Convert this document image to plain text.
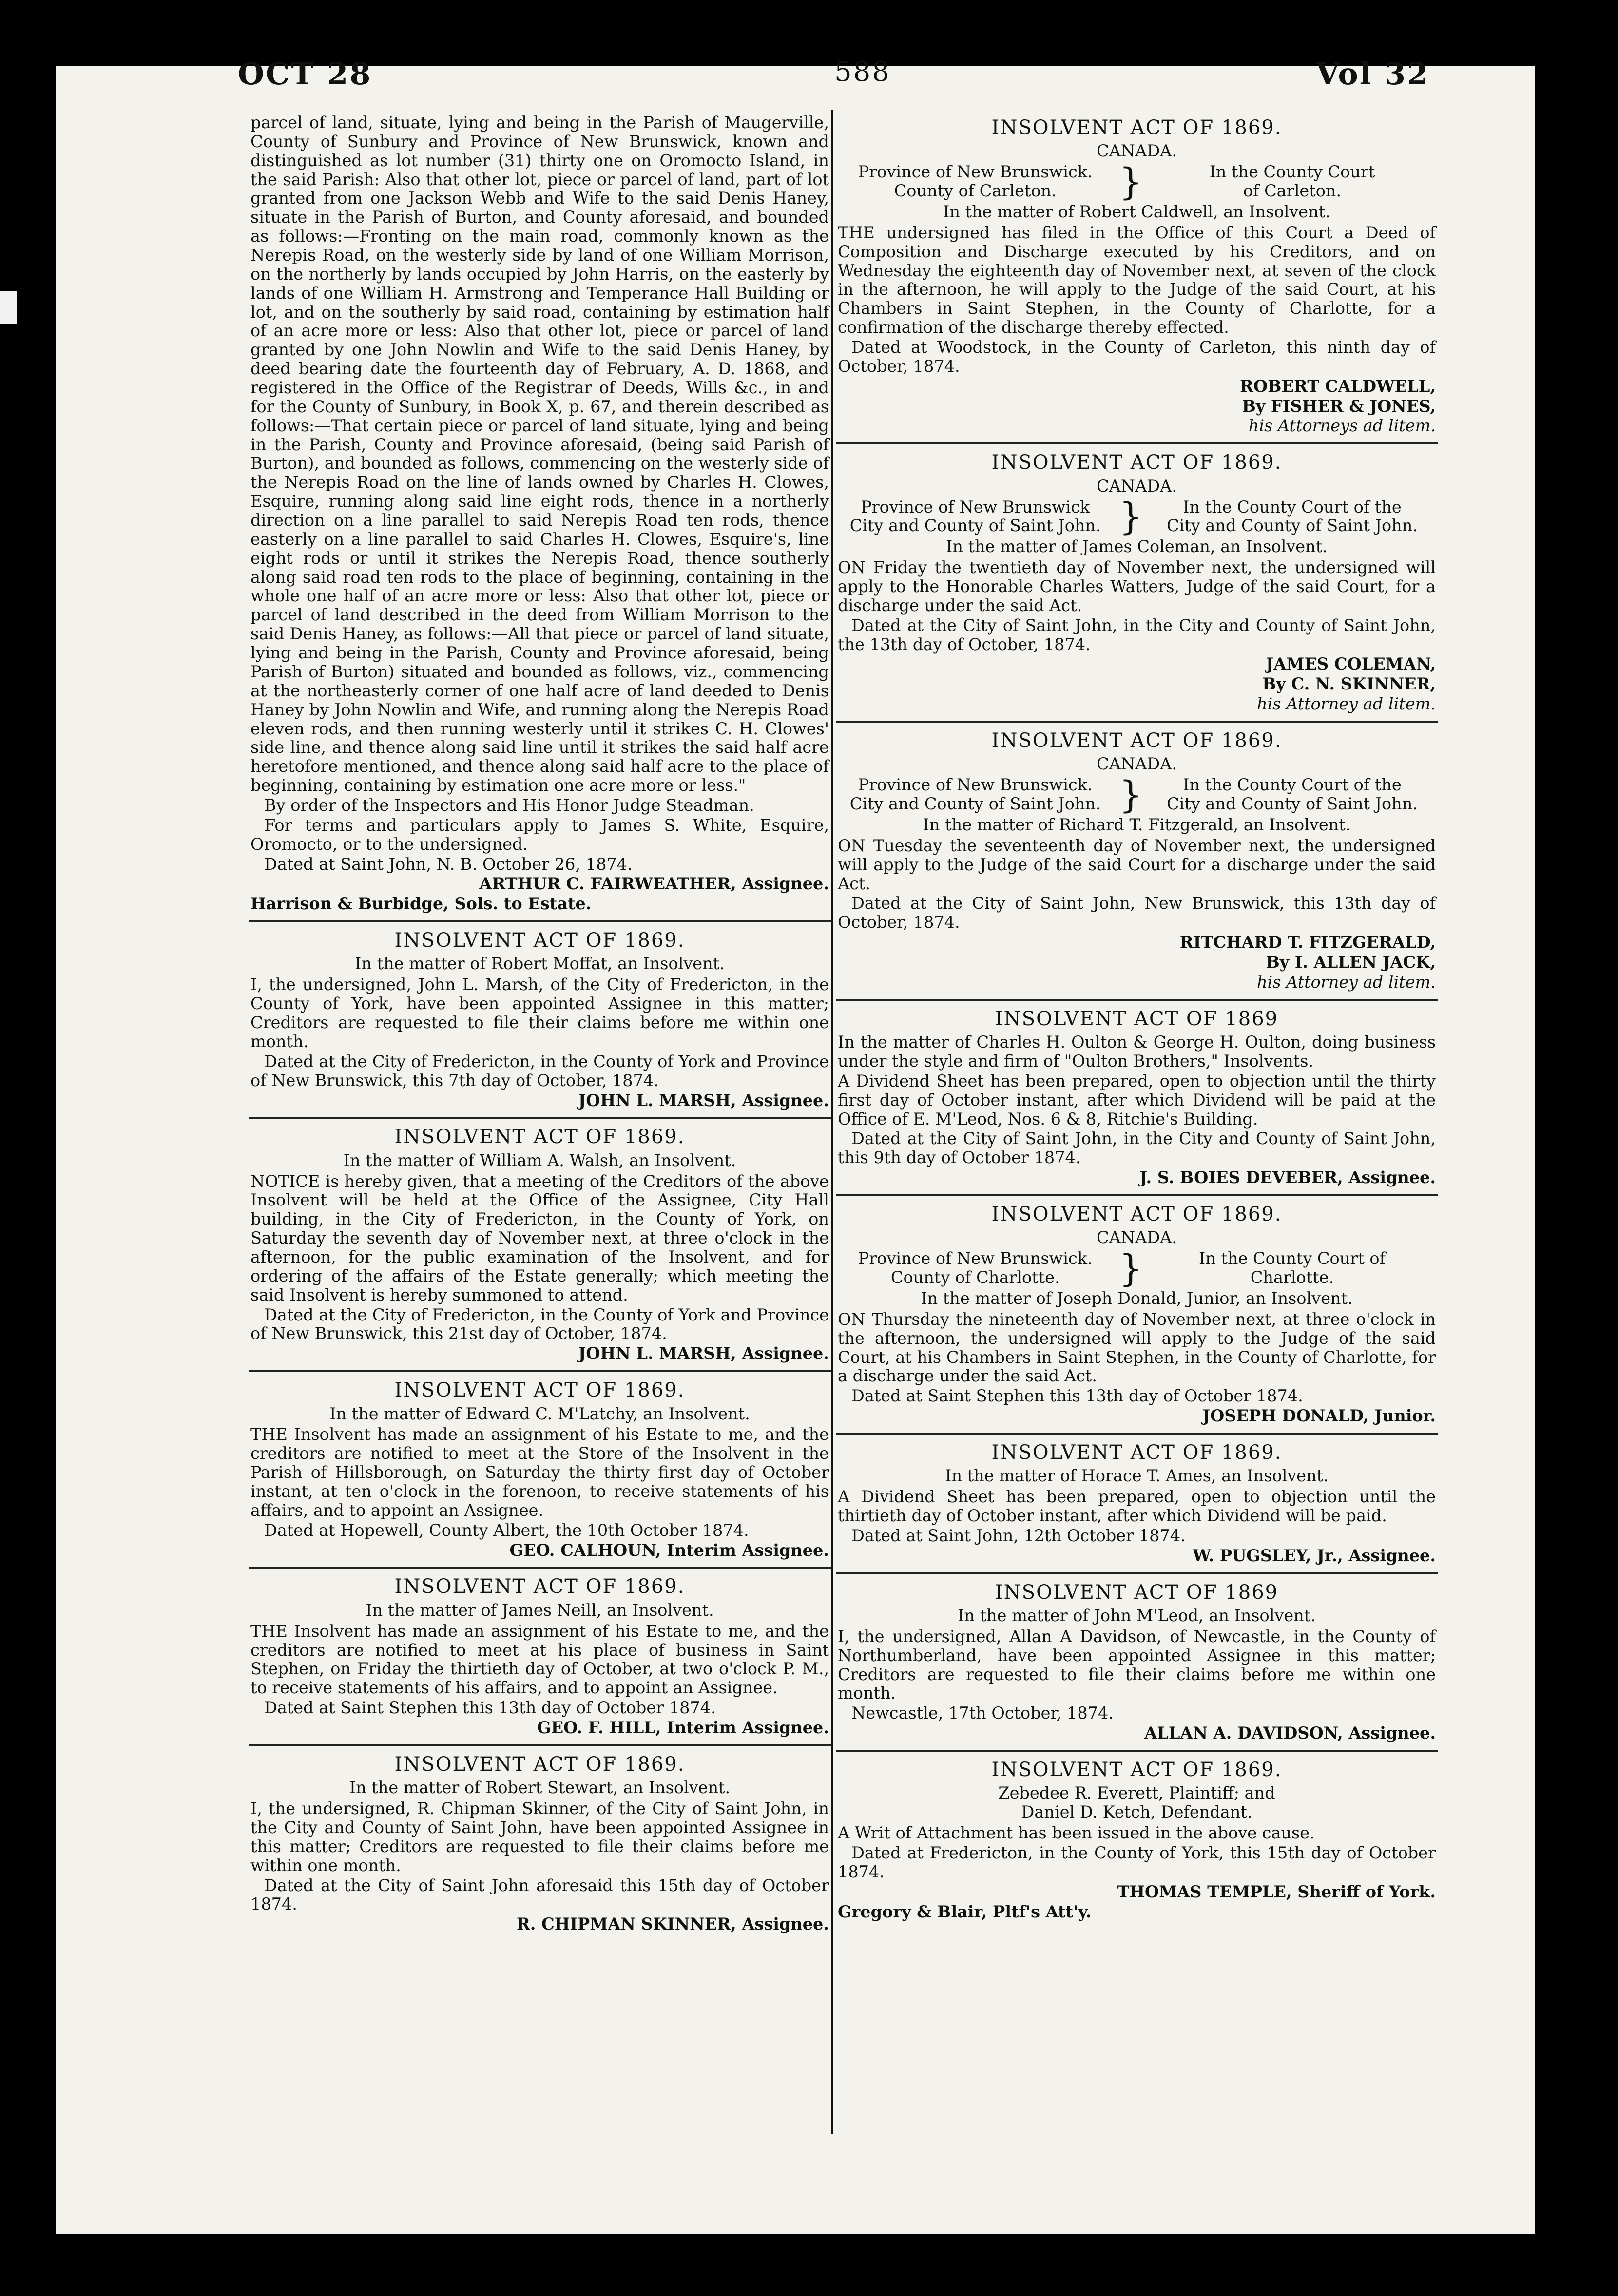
OCT 28	588	Vol 32

parcel of land, situate, lying and being in the Parish of Maugerville, County of Sunbury and Province of New Brunswick, known and distinguished as lot number (31) thirty one on Oromocto Island, in the said Parish: Also that other lot, piece or parcel of land, part of lot granted from one Jackson Webb and Wife to the said Denis Haney, situate in the Parish of Burton, and County aforesaid, and bounded as follows:—Fronting on the main road, commonly known as the Nerepis Road, on the westerly side by land of one William Morrison, on the northerly by lands occupied by John Harris, on the easterly by lands of one William H. Armstrong and Temperance Hall Building or lot, and on the southerly by said road, containing by estimation half of an acre more or less: Also that other lot, piece or parcel of land granted by one John Nowlin and Wife to the said Denis Haney, by deed bearing date the fourteenth day of February, A. D. 1868, and registered in the Office of the Registrar of Deeds, Wills &c., in and for the County of Sunbury, in Book X, p. 67, and therein described as follows:—That certain piece or parcel of land situate, lying and being in the Parish, County and Province aforesaid, (being said Parish of Burton), and bounded as follows, commencing on the westerly side of the Nerepis Road on the line of lands owned by Charles H. Clowes, Esquire, running along said line eight rods, thence in a northerly direction on a line parallel to said Nerepis Road ten rods, thence easterly on a line parallel to said Charles H. Clowes, Esquire's, line eight rods or until it strikes the Nerepis Road, thence southerly along said road ten rods to the place of beginning, containing in the whole one half of an acre more or less: Also that other lot, piece or parcel of land described in the deed from William Morrison to the said Denis Haney, as follows:—All that piece or parcel of land situate, lying and being in the Parish, County and Province aforesaid, being Parish of Burton) situated and bounded as follows, viz., commencing at the northeasterly corner of one half acre of land deeded to Denis Haney by John Nowlin and Wife, and running along the Nerepis Road eleven rods, and then running westerly until it strikes C. H. Clowes' side line, and thence along said line until it strikes the said half acre heretofore mentioned, and thence along said half acre to the place of beginning, containing by estimation one acre more or less."

By order of the Inspectors and His Honor Judge Steadman.

For terms and particulars apply to James S. White, Esquire, Oromocto, or to the undersigned.

Dated at Saint John, N. B. October 26, 1874.

ARTHUR C. FAIRWEATHER, Assignee.

Harrison & Burbidge, Sols. to Estate.

INSOLVENT ACT OF 1869.
In the matter of Robert Moffat, an Insolvent.

I, the undersigned, John L. Marsh, of the City of Fredericton, in the County of York, have been appointed Assignee in this matter; Creditors are requested to file their claims before me within one month.

Dated at the City of Fredericton, in the County of York and Province of New Brunswick, this 7th day of October, 1874.

JOHN L. MARSH, Assignee.

INSOLVENT ACT OF 1869.
In the matter of William A. Walsh, an Insolvent.

NOTICE is hereby given, that a meeting of the Creditors of the above Insolvent will be held at the Office of the Assignee, City Hall building, in the City of Fredericton, in the County of York, on Saturday the seventh day of November next, at three o'clock in the afternoon, for the public examination of the Insolvent, and for ordering of the affairs of the Estate generally; which meeting the said Insolvent is hereby summoned to attend.

Dated at the City of Fredericton, in the County of York and Province of New Brunswick, this 21st day of October, 1874.

JOHN L. MARSH, Assignee.

INSOLVENT ACT OF 1869.
In the matter of Edward C. M'Latchy, an Insolvent.

THE Insolvent has made an assignment of his Estate to me, and the creditors are notified to meet at the Store of the Insolvent in the Parish of Hillsborough, on Saturday the thirty first day of October instant, at ten o'clock in the forenoon, to receive statements of his affairs, and to appoint an Assignee.

Dated at Hopewell, County Albert, the 10th October 1874.

GEO. CALHOUN, Interim Assignee.

INSOLVENT ACT OF 1869.
In the matter of James Neill, an Insolvent.

THE Insolvent has made an assignment of his Estate to me, and the creditors are notified to meet at his place of business in Saint Stephen, on Friday the thirtieth day of October, at two o'clock P. M., to receive statements of his affairs, and to appoint an Assignee.

Dated at Saint Stephen this 13th day of October 1874.

GEO. F. HILL, Interim Assignee.

INSOLVENT ACT OF 1869.
In the matter of Robert Stewart, an Insolvent.

I, the undersigned, R. Chipman Skinner, of the City of Saint John, in the City and County of Saint John, have been appointed Assignee in this matter; Creditors are requested to file their claims before me within one month.

Dated at the City of Saint John aforesaid this 15th day of October 1874.

R. CHIPMAN SKINNER, Assignee.

INSOLVENT ACT OF 1869.
CANADA.
Province of New Brunswick.
County of Carleton.	}	In the County Court
of Carleton.
In the matter of Robert Caldwell, an Insolvent.

THE undersigned has filed in the Office of this Court a Deed of Composition and Discharge executed by his Creditors, and on Wednesday the eighteenth day of November next, at seven of the clock in the afternoon, he will apply to the Judge of the said Court, at his Chambers in Saint Stephen, in the County of Charlotte, for a confirmation of the discharge thereby effected.

Dated at Woodstock, in the County of Carleton, this ninth day of October, 1874.

ROBERT CALDWELL,

By FISHER & JONES,

his Attorneys ad litem.

INSOLVENT ACT OF 1869.
CANADA.
Province of New Brunswick
City and County of Saint John. }	In the County Court of the
City and County of Saint John.
In the matter of James Coleman, an Insolvent.

ON Friday the twentieth day of November next, the undersigned will apply to the Honorable Charles Watters, Judge of the said Court, for a discharge under the said Act.

Dated at the City of Saint John, in the City and County of Saint John, the 13th day of October, 1874.

JAMES COLEMAN,

By C. N. SKINNER,

his Attorney ad litem.

INSOLVENT ACT OF 1869.
CANADA.
Province of New Brunswick.
City and County of Saint John. }	In the County Court of the
City and County of Saint John.
In the matter of Richard T. Fitzgerald, an Insolvent.

ON Tuesday the seventeenth day of November next, the undersigned will apply to the Judge of the said Court for a discharge under the said Act.

Dated at the City of Saint John, New Brunswick, this 13th day of October, 1874.

RITCHARD T. FITZGERALD,

By I. ALLEN JACK,

his Attorney ad litem.

INSOLVENT ACT OF 1869

In the matter of Charles H. Oulton & George H. Oulton, doing business under the style and firm of "Oulton Brothers," Insolvents.

A Dividend Sheet has been prepared, open to objection until the thirty first day of October instant, after which Dividend will be paid at the Office of E. M'Leod, Nos. 6 & 8, Ritchie's Building.

Dated at the City of Saint John, in the City and County of Saint John, this 9th day of October 1874.

J. S. BOIES DEVEBER, Assignee.

INSOLVENT ACT OF 1869.
CANADA.
Province of New Brunswick.
County of Charlotte.	}	In the County Court of
Charlotte.
In the matter of Joseph Donald, Junior, an Insolvent.

ON Thursday the nineteenth day of November next, at three o'clock in the afternoon, the undersigned will apply to the Judge of the said Court, at his Chambers in Saint Stephen, in the County of Charlotte, for a discharge under the said Act.

Dated at Saint Stephen this 13th day of October 1874.

JOSEPH DONALD, Junior.

INSOLVENT ACT OF 1869.
In the matter of Horace T. Ames, an Insolvent.

A Dividend Sheet has been prepared, open to objection until the thirtieth day of October instant, after which Dividend will be paid.

Dated at Saint John, 12th October 1874.

W. PUGSLEY, Jr., Assignee.

INSOLVENT ACT OF 1869
In the matter of John M'Leod, an Insolvent.

I, the undersigned, Allan A Davidson, of Newcastle, in the County of Northumberland, have been appointed Assignee in this matter; Creditors are requested to file their claims before me within one month.

Newcastle, 17th October, 1874.

ALLAN A. DAVIDSON, Assignee.

INSOLVENT ACT OF 1869.
Zebedee R. Everett, Plaintiff; and
Daniel D. Ketch, Defendant.

A Writ of Attachment has been issued in the above cause.

Dated at Fredericton, in the County of York, this 15th day of October 1874.

THOMAS TEMPLE, Sheriff of York.

Gregory & Blair, Pltf's Att'y.
